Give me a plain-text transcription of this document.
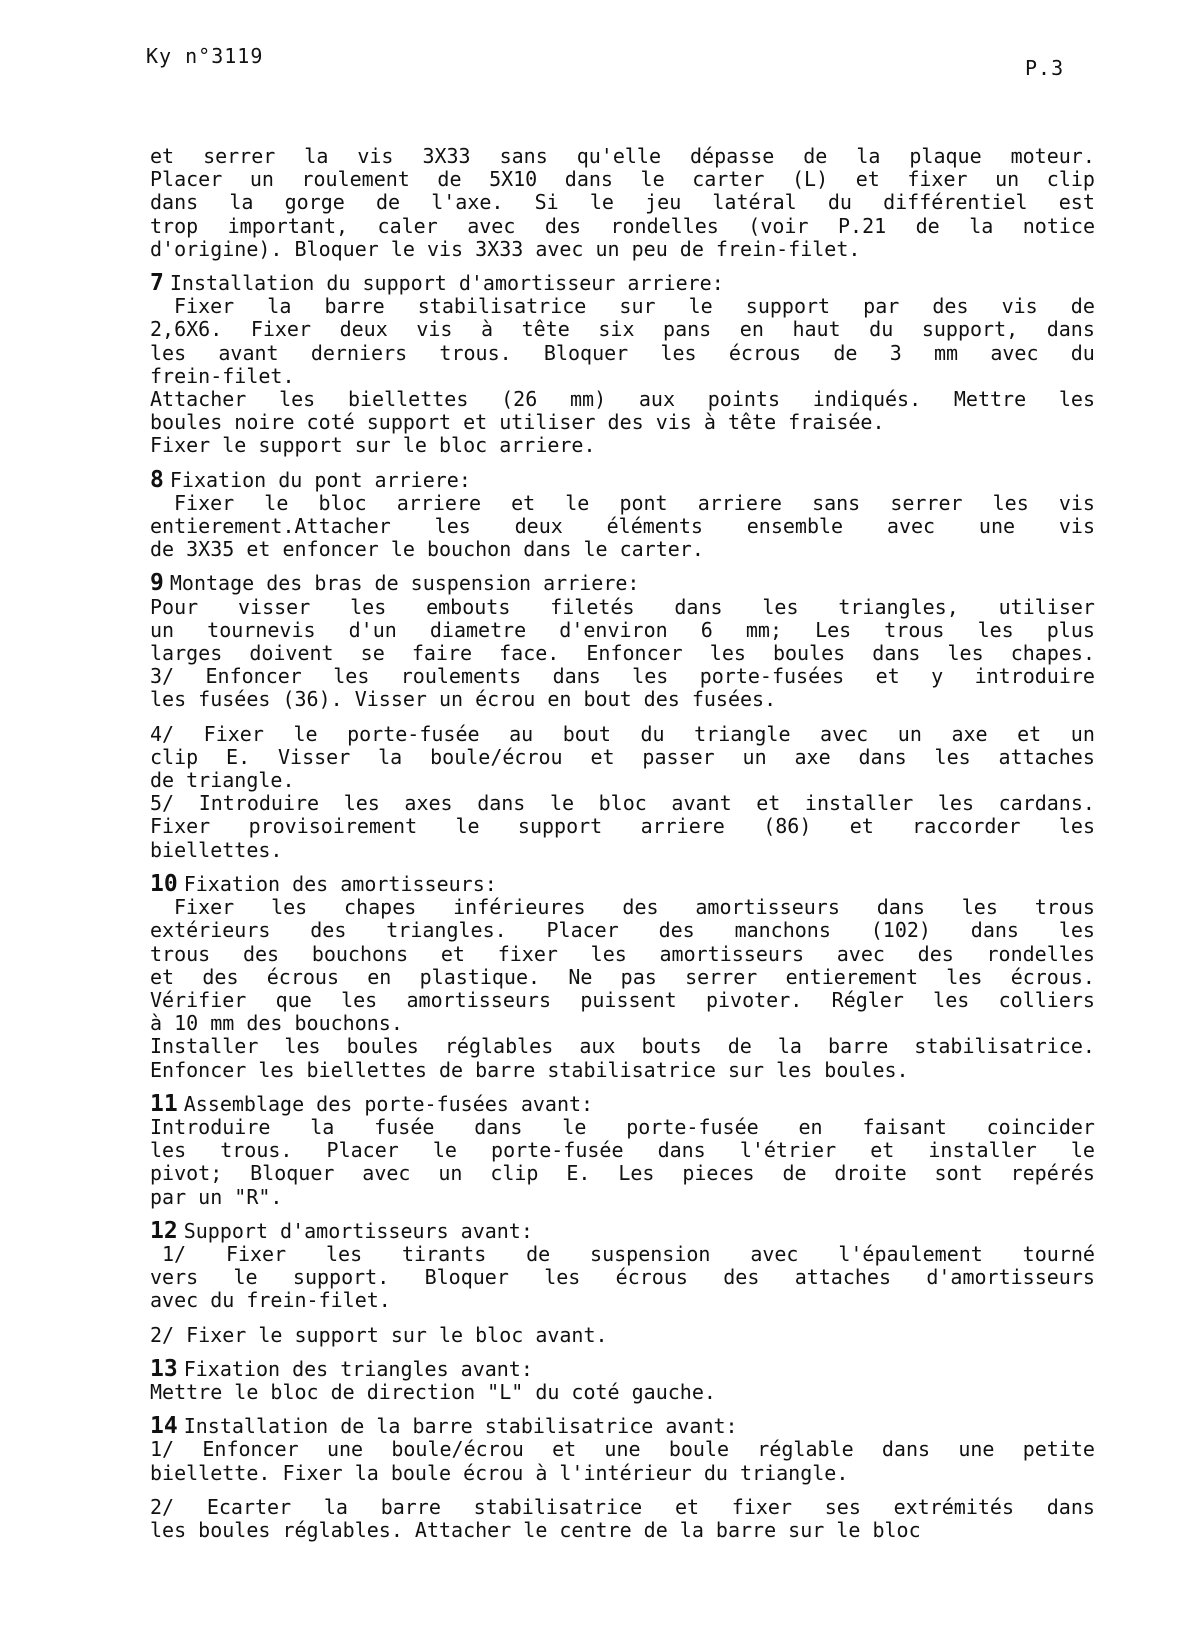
Ky n°3119	P.3
et serrer la vis 3X33 sans qu'elle dépasse de la plaque moteur.
Placer un roulement de 5X10 dans le carter (L) et fixer un clip
dans la gorge de l'axe. Si le jeu latéral du différentiel est
trop important, caler avec des rondelles (voir P.21 de la notice
d'origine). Bloquer le vis 3X33 avec un peu de frein-filet.
7 Installation du support d'amortisseur arriere:
Fixer la barre stabilisatrice sur le support par des vis de
2,6X6. Fixer deux vis à tête six pans en haut du support, dans
les avant derniers trous. Bloquer les écrous de 3 mm avec du
frein-filet.
Attacher les biellettes (26 mm) aux points indiqués. Mettre les
boules noire coté support et utiliser des vis à tête fraisée.
Fixer le support sur le bloc arriere.
8 Fixation du pont arriere:
Fixer le bloc arriere et le pont arriere sans serrer les vis
entierement.Attacher les deux éléments ensemble avec une vis
de 3X35 et enfoncer le bouchon dans le carter.
9 Montage des bras de suspension arriere:
Pour visser les embouts filetés dans les triangles, utiliser
un tournevis d'un diametre d'environ 6 mm; Les trous les plus
larges doivent se faire face. Enfoncer les boules dans les chapes.
3/ Enfoncer les roulements dans les porte-fusées et y introduire
les fusées (36). Visser un écrou en bout des fusées.
4/ Fixer le porte-fusée au bout du triangle avec un axe et un
clip E. Visser la boule/écrou et passer un axe dans les attaches
de triangle.
5/ Introduire les axes dans le bloc avant et installer les cardans.
Fixer provisoirement le support arriere (86) et raccorder les
biellettes.
10 Fixation des amortisseurs:
Fixer les chapes inférieures des amortisseurs dans les trous
extérieurs des triangles. Placer des manchons (102) dans les
trous des bouchons et fixer les amortisseurs avec des rondelles
et des écrous en plastique. Ne pas serrer entierement les écrous.
Vérifier que les amortisseurs puissent pivoter. Régler les colliers
à 10 mm des bouchons.
Installer les boules réglables aux bouts de la barre stabilisatrice.
Enfoncer les biellettes de barre stabilisatrice sur les boules.
11 Assemblage des porte-fusées avant:
Introduire la fusée dans le porte-fusée en faisant coincider
les trous. Placer le porte-fusée dans l'étrier et installer le
pivot; Bloquer avec un clip E. Les pieces de droite sont repérés
par un "R".
12 Support d'amortisseurs avant:
1/ Fixer les tirants de suspension avec l'épaulement tourné
vers le support. Bloquer les écrous des attaches d'amortisseurs
avec du frein-filet.
2/ Fixer le support sur le bloc avant.
13 Fixation des triangles avant:
Mettre le bloc de direction "L" du coté gauche.
14 Installation de la barre stabilisatrice avant:
1/ Enfoncer une boule/écrou et une boule réglable dans une petite
biellette. Fixer la boule écrou à l'intérieur du triangle.
2/ Ecarter la barre stabilisatrice et fixer ses extrémités dans
les boules réglables. Attacher le centre de la barre sur le bloc
